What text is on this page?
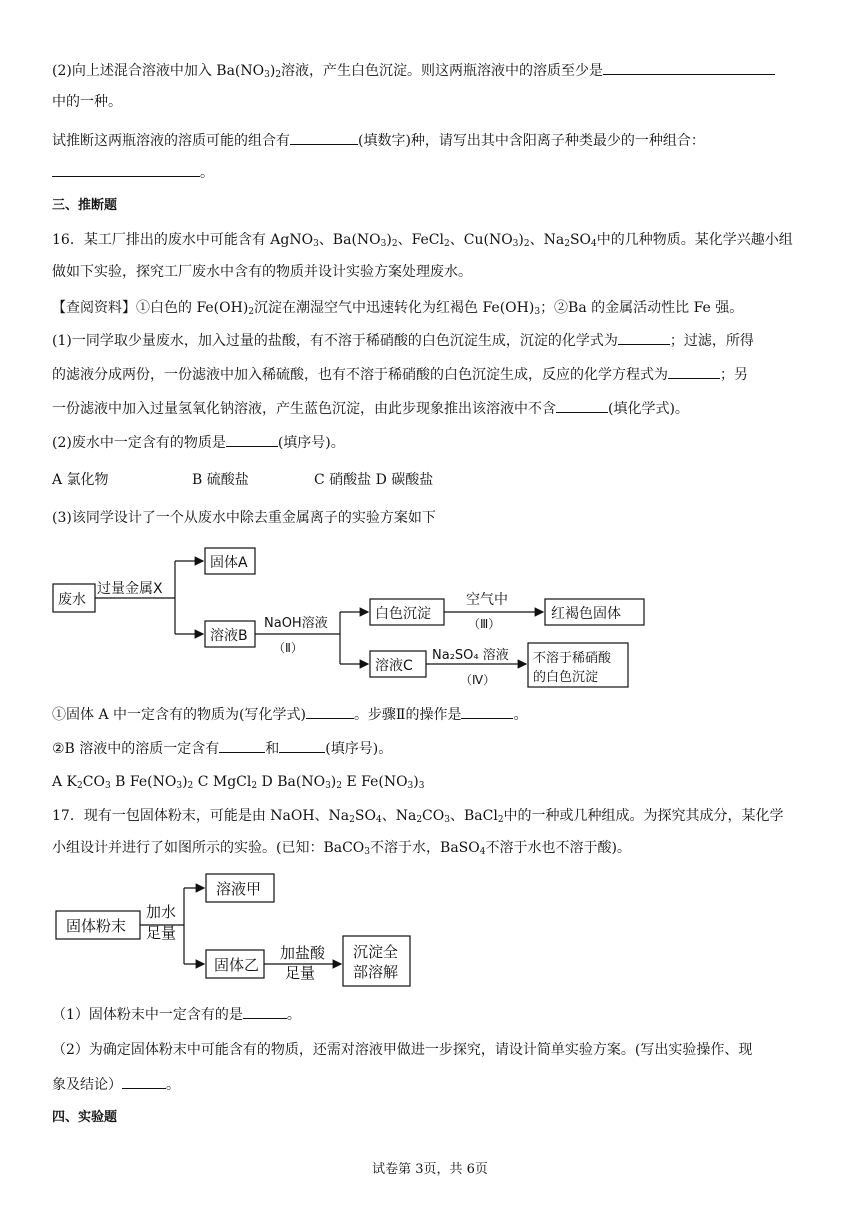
(2)向上述混合溶液中加入 $Ba(NO_3)_2$溶液，产生白色沉淀。则这两瓶溶液中的溶质至少是
中的一种。
试推断这两瓶溶液的溶质可能的组合有	(填数字)种，请写出其中含阳离子种类最少的一种组合：
。
三、推断题
16．某工厂排出的废水中可能含有 AgNO$_3$、$Ba(NO_3)_2$、FeCl$_2$、$Cu(NO_3)_2$、$Na_2SO_4$中的几种物质。某化学兴趣小组
做如下实验，探究工厂废水中含有的物质并设计实验方案处理废水。
【查阅资料】①白色的 $Fe(OH)_2$沉淀在潮湿空气中迅速转化为红褐色 $Fe(OH)_3$；②Ba 的金属活动性比 Fe 强。
(1)一同学取少量废水，加入过量的盐酸，有不溶于稀硝酸的白色沉淀生成，沉淀的化学式为	；过滤，所得
的滤液分成两份，一份滤液中加入稀硫酸，也有不溶于稀硝酸的白色沉淀生成，反应的化学方程式为	；另
一份滤液中加入过量氢氧化钠溶液，产生蓝色沉淀，由此步现象推出该溶液中不含	(填化学式)。
(2)废水中一定含有的物质是	(填序号)。
A 氯化物	B 硫酸盐	C 硝酸盐 D 碳酸盐
(3)该同学设计了一个从废水中除去重金属离子的实验方案如下
废水
过量金属X
固体A
溶液B
NaOH溶液
（Ⅱ）
白色沉淀
空气中
（Ⅲ）
红褐色固体
溶液C
Na₂SO₄ 溶液
（Ⅳ）
不溶于稀硝酸
的白色沉淀
固体粉末
加水
足量
溶液甲
固体乙
加盐酸
足量
沉淀全
部溶解
①固体 A 中一定含有的物质为(写化学式)	。步骤Ⅱ的操作是	。
②B 溶液中的溶质一定含有	和	(填序号)。
A $K_2CO_3$ B $Fe(NO_3)_2$ C MgCl$_2$ D $Ba(NO_3)_2$ E $Fe(NO_3)_3$
17．现有一包固体粉末，可能是由 NaOH、$Na_2SO_4$、$Na_2CO_3$、BaCl$_2$中的一种或几种组成。为探究其成分，某化学
小组设计并进行了如图所示的实验。(已知：BaCO$_3$不溶于水，BaSO$_4$不溶于水也不溶于酸)。
（1）固体粉末中一定含有的是	。
（2）为确定固体粉末中可能含有的物质，还需对溶液甲做进一步探究，请设计简单实验方案。(写出实验操作、现
象及结论）	。
四、实验题
试卷第 3页，共 6页
